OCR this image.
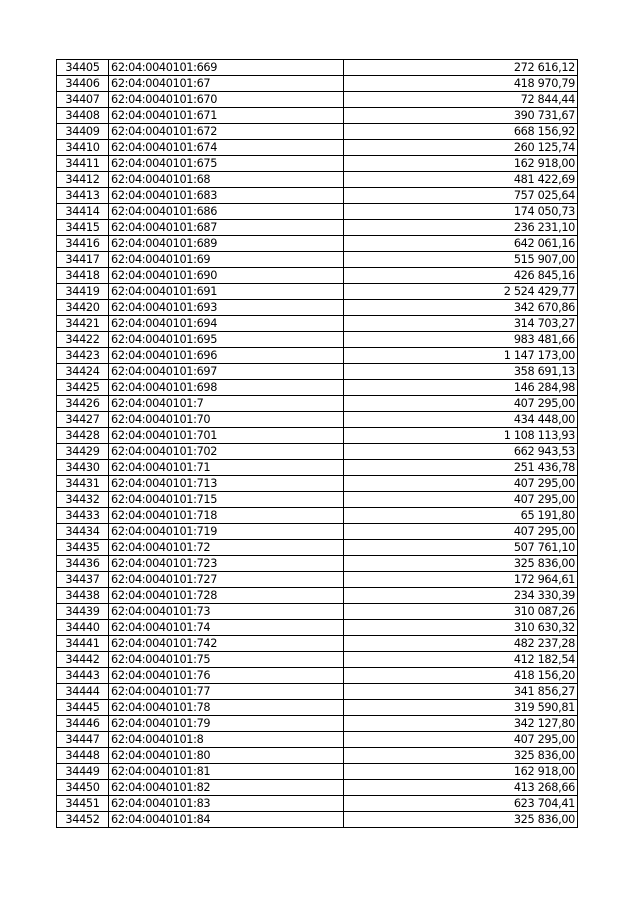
34405	62:04:0040101:669	272 616,12
34406	62:04:0040101:67	418 970,79
34407	62:04:0040101:670	72 844,44
34408	62:04:0040101:671	390 731,67
34409	62:04:0040101:672	668 156,92
34410	62:04:0040101:674	260 125,74
34411	62:04:0040101:675	162 918,00
34412	62:04:0040101:68	481 422,69
34413	62:04:0040101:683	757 025,64
34414	62:04:0040101:686	174 050,73
34415	62:04:0040101:687	236 231,10
34416	62:04:0040101:689	642 061,16
34417	62:04:0040101:69	515 907,00
34418	62:04:0040101:690	426 845,16
34419	62:04:0040101:691	2 524 429,77
34420	62:04:0040101:693	342 670,86
34421	62:04:0040101:694	314 703,27
34422	62:04:0040101:695	983 481,66
34423	62:04:0040101:696	1 147 173,00
34424	62:04:0040101:697	358 691,13
34425	62:04:0040101:698	146 284,98
34426	62:04:0040101:7	407 295,00
34427	62:04:0040101:70	434 448,00
34428	62:04:0040101:701	1 108 113,93
34429	62:04:0040101:702	662 943,53
34430	62:04:0040101:71	251 436,78
34431	62:04:0040101:713	407 295,00
34432	62:04:0040101:715	407 295,00
34433	62:04:0040101:718	65 191,80
34434	62:04:0040101:719	407 295,00
34435	62:04:0040101:72	507 761,10
34436	62:04:0040101:723	325 836,00
34437	62:04:0040101:727	172 964,61
34438	62:04:0040101:728	234 330,39
34439	62:04:0040101:73	310 087,26
34440	62:04:0040101:74	310 630,32
34441	62:04:0040101:742	482 237,28
34442	62:04:0040101:75	412 182,54
34443	62:04:0040101:76	418 156,20
34444	62:04:0040101:77	341 856,27
34445	62:04:0040101:78	319 590,81
34446	62:04:0040101:79	342 127,80
34447	62:04:0040101:8	407 295,00
34448	62:04:0040101:80	325 836,00
34449	62:04:0040101:81	162 918,00
34450	62:04:0040101:82	413 268,66
34451	62:04:0040101:83	623 704,41
34452	62:04:0040101:84	325 836,00
